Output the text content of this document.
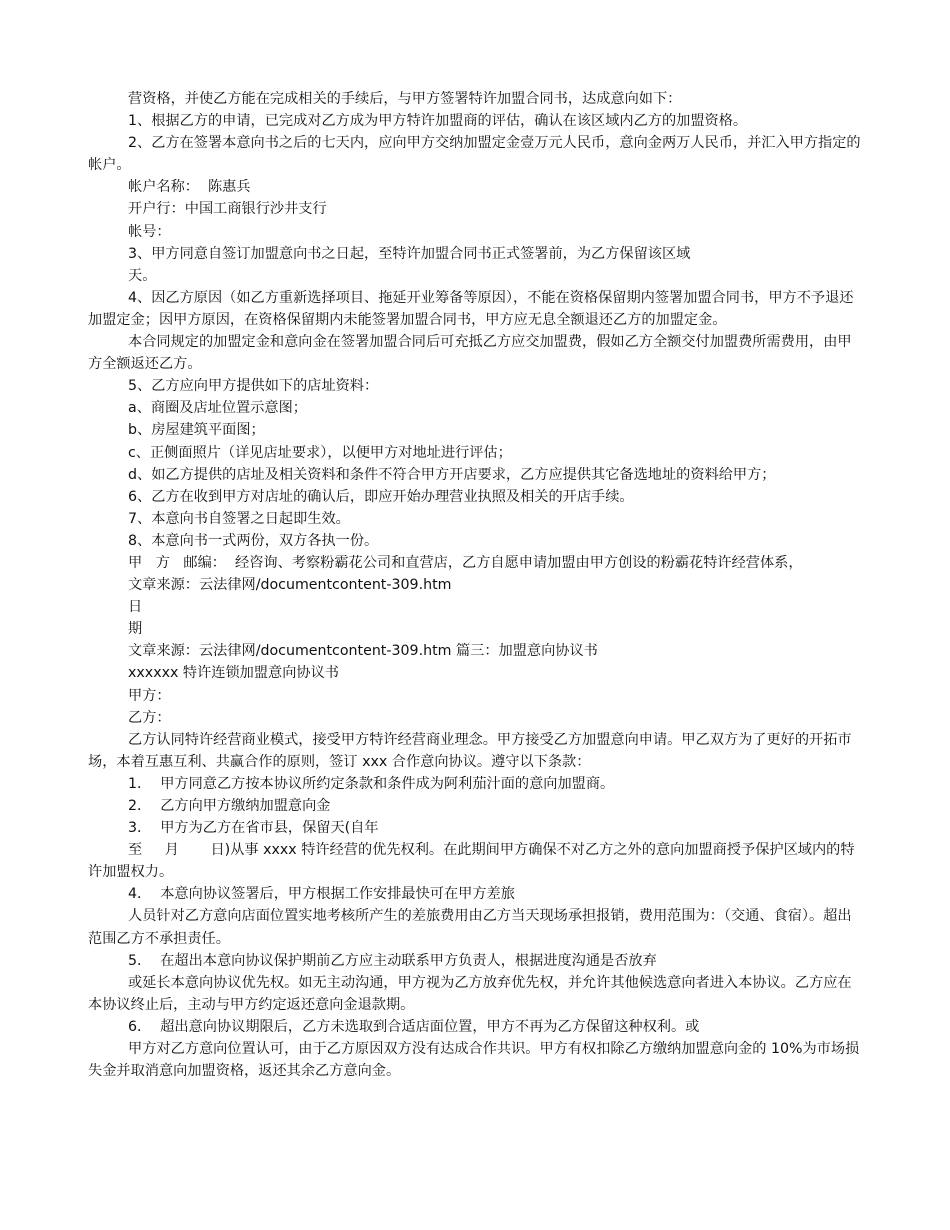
营资格，并使乙方能在完成相关的手续后，与甲方签署特许加盟合同书，达成意向如下：

1、根据乙方的申请，已完成对乙方成为甲方特许加盟商的评估，确认在该区域内乙方的加盟资格。

2、乙方在签署本意向书之后的七天内，应向甲方交纳加盟定金壹万元人民币，意向金两万人民币，并汇入甲方指定的帐户。

帐户名称：  陈惠兵

开户行：中国工商银行沙井支行

帐号：

3、甲方同意自签订加盟意向书之日起，至特许加盟合同书正式签署前，为乙方保留该区域

天。

4、因乙方原因（如乙方重新选择项目、拖延开业筹备等原因），不能在资格保留期内签署加盟合同书，甲方不予退还加盟定金；因甲方原因，在资格保留期内未能签署加盟合同书，甲方应无息全额退还乙方的加盟定金。

本合同规定的加盟定金和意向金在签署加盟合同后可充抵乙方应交加盟费，假如乙方全额交付加盟费所需费用，由甲方全额返还乙方。

5、乙方应向甲方提供如下的店址资料：

a、商圈及店址位置示意图；

b、房屋建筑平面图；

c、正侧面照片（详见店址要求），以便甲方对地址进行评估；

d、如乙方提供的店址及相关资料和条件不符合甲方开店要求，乙方应提供其它备选地址的资料给甲方；

6、乙方在收到甲方对店址的确认后，即应开始办理营业执照及相关的开店手续。

7、本意向书自签署之日起即生效。

8、本意向书一式两份，双方各执一份。

甲   方   邮编：  经咨询、考察粉霸花公司和直营店，乙方自愿申请加盟由甲方创设的粉霸花特许经营体系，

文章来源：云法律网/documentcontent-309.htm

日

期

文章来源：云法律网/documentcontent-309.htm 篇三：加盟意向协议书

xxxxxx 特许连锁加盟意向协议书

甲方：

乙方：

乙方认同特许经营商业模式，接受甲方特许经营商业理念。甲方接受乙方加盟意向申请。甲乙双方为了更好的开拓市场，本着互惠互利、共赢合作的原则，签订 xxx 合作意向协议。遵守以下条款：

1．  甲方同意乙方按本协议所约定条款和条件成为阿利茄汁面的意向加盟商。

2．  乙方向甲方缴纳加盟意向金

3．  甲方为乙方在省市县，保留天(自年

至     月       日)从事 xxxx 特许经营的优先权利。在此期间甲方确保不对乙方之外的意向加盟商授予保护区域内的特许加盟权力。

4．  本意向协议签署后，甲方根据工作安排最快可在甲方差旅

人员针对乙方意向店面位置实地考核所产生的差旅费用由乙方当天现场承担报销，费用范围为：（交通、食宿）。超出范围乙方不承担责任。

5．  在超出本意向协议保护期前乙方应主动联系甲方负责人，根据进度沟通是否放弃

或延长本意向协议优先权。如无主动沟通，甲方视为乙方放弃优先权，并允许其他候选意向者进入本协议。乙方应在本协议终止后，主动与甲方约定返还意向金退款期。

6．  超出意向协议期限后，乙方未选取到合适店面位置，甲方不再为乙方保留这种权利。或

甲方对乙方意向位置认可，由于乙方原因双方没有达成合作共识。甲方有权扣除乙方缴纳加盟意向金的 10%为市场损失金并取消意向加盟资格，返还其余乙方意向金。
